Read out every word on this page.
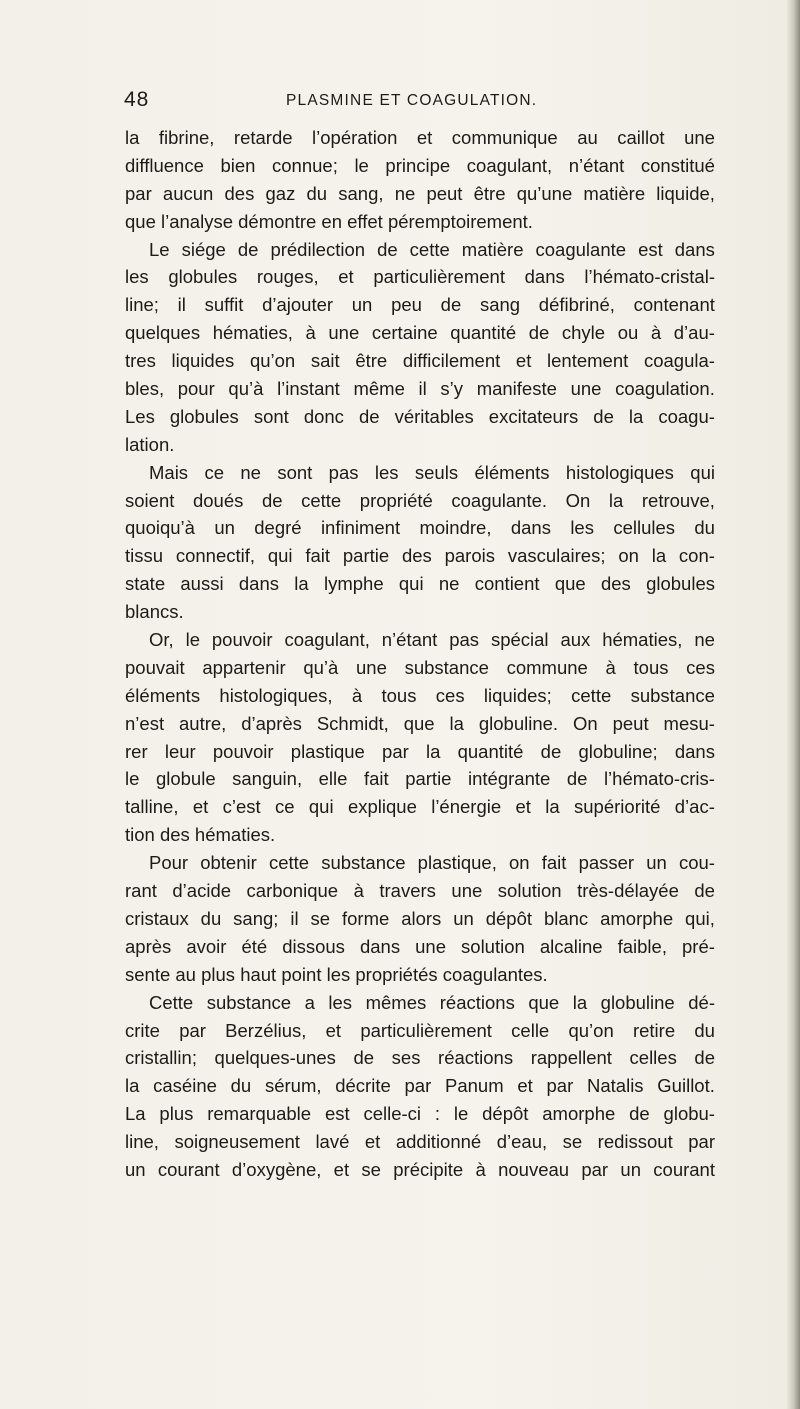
48	PLASMINE ET COAGULATION.
la fibrine, retarde l’opération et communique au caillot une
diffluence bien connue; le principe coagulant, n’étant constitué
par aucun des gaz du sang, ne peut être qu’une matière liquide,
que l’analyse démontre en effet péremptoirement.
Le siége de prédilection de cette matière coagulante est dans
les globules rouges, et particulièrement dans l’hémato-cristal-
line; il suffit d’ajouter un peu de sang défibriné, contenant
quelques hématies, à une certaine quantité de chyle ou à d’au-
tres liquides qu’on sait être difficilement et lentement coagula-
bles, pour qu’à l’instant même il s’y manifeste une coagulation.
Les globules sont donc de véritables excitateurs de la coagu-
lation.
Mais ce ne sont pas les seuls éléments histologiques qui
soient doués de cette propriété coagulante. On la retrouve,
quoiqu’à un degré infiniment moindre, dans les cellules du
tissu connectif, qui fait partie des parois vasculaires; on la con-
state aussi dans la lymphe qui ne contient que des globules
blancs.
Or, le pouvoir coagulant, n’étant pas spécial aux hématies, ne
pouvait appartenir qu’à une substance commune à tous ces
éléments histologiques, à tous ces liquides; cette substance
n’est autre, d’après Schmidt, que la globuline. On peut mesu-
rer leur pouvoir plastique par la quantité de globuline; dans
le globule sanguin, elle fait partie intégrante de l’hémato-cris-
talline, et c’est ce qui explique l’énergie et la supériorité d’ac-
tion des hématies.
Pour obtenir cette substance plastique, on fait passer un cou-
rant d’acide carbonique à travers une solution très-délayée de
cristaux du sang; il se forme alors un dépôt blanc amorphe qui,
après avoir été dissous dans une solution alcaline faible, pré-
sente au plus haut point les propriétés coagulantes.
Cette substance a les mêmes réactions que la globuline dé-
crite par Berzélius, et particulièrement celle qu’on retire du
cristallin; quelques-unes de ses réactions rappellent celles de
la caséine du sérum, décrite par Panum et par Natalis Guillot.
La plus remarquable est celle-ci : le dépôt amorphe de globu-
line, soigneusement lavé et additionné d’eau, se redissout par
un courant d’oxygène, et se précipite à nouveau par un courant
